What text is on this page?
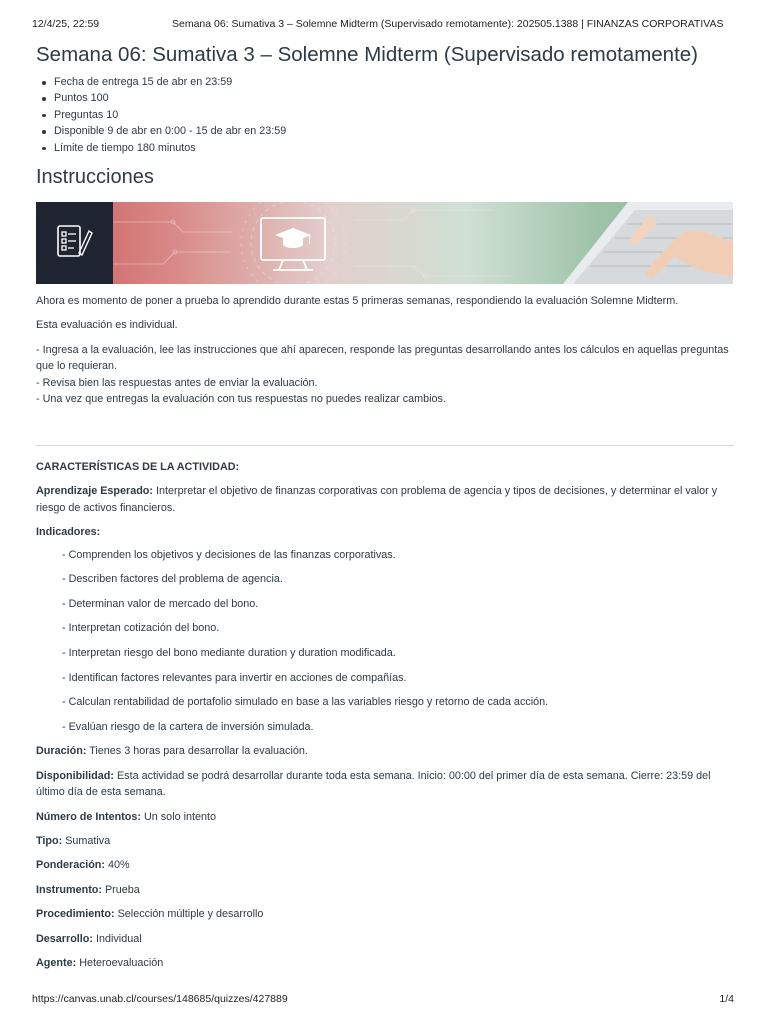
12/4/25, 22:59	Semana 06: Sumativa 3 – Solemne Midterm (Supervisado remotamente): 202505.1388 | FINANZAS CORPORATIVAS
Semana 06: Sumativa 3 – Solemne Midterm (Supervisado remotamente)
Fecha de entrega 15 de abr en 23:59
Puntos 100
Preguntas 10
Disponible 9 de abr en 0:00 - 15 de abr en 23:59
Límite de tiempo 180 minutos
Instrucciones

Ahora es momento de poner a prueba lo aprendido durante estas 5 primeras semanas, respondiendo la evaluación Solemne Midterm.

Esta evaluación es individual.

- Ingresa a la evaluación, lee las instrucciones que ahí aparecen, responde las preguntas desarrollando antes los cálculos en aquellas preguntas que lo requieran.

- Revisa bien las respuestas antes de enviar la evaluación.

- Una vez que entregas la evaluación con tus respuestas no puedes realizar cambios.

CARACTERÍSTICAS DE LA ACTIVIDAD:
Aprendizaje Esperado: Interpretar el objetivo de finanzas corporativas con problema de agencia y tipos de decisiones, y determinar el valor y riesgo de activos financieros.
Indicadores:
- Comprenden los objetivos y decisiones de las finanzas corporativas.
- Describen factores del problema de agencia.
- Determinan valor de mercado del bono.
- Interpretan cotización del bono.
- Interpretan riesgo del bono mediante duration y duration modificada.
- Identifican factores relevantes para invertir en acciones de compañías.
- Calculan rentabilidad de portafolio simulado en base a las variables riesgo y retorno de cada acción.
- Evalúan riesgo de la cartera de inversión simulada.
Duración: Tienes 3 horas para desarrollar la evaluación.
Disponibilidad: Esta actividad se podrá desarrollar durante toda esta semana. Inicio: 00:00 del primer día de esta semana. Cierre: 23:59 del último día de esta semana.
Número de Intentos: Un solo intento
Tipo: Sumativa
Ponderación: 40%
Instrumento: Prueba
Procedimiento: Selección múltiple y desarrollo
Desarrollo: Individual
Agente: Heteroevaluación
https://canvas.unab.cl/courses/148685/quizzes/427889	1/4
